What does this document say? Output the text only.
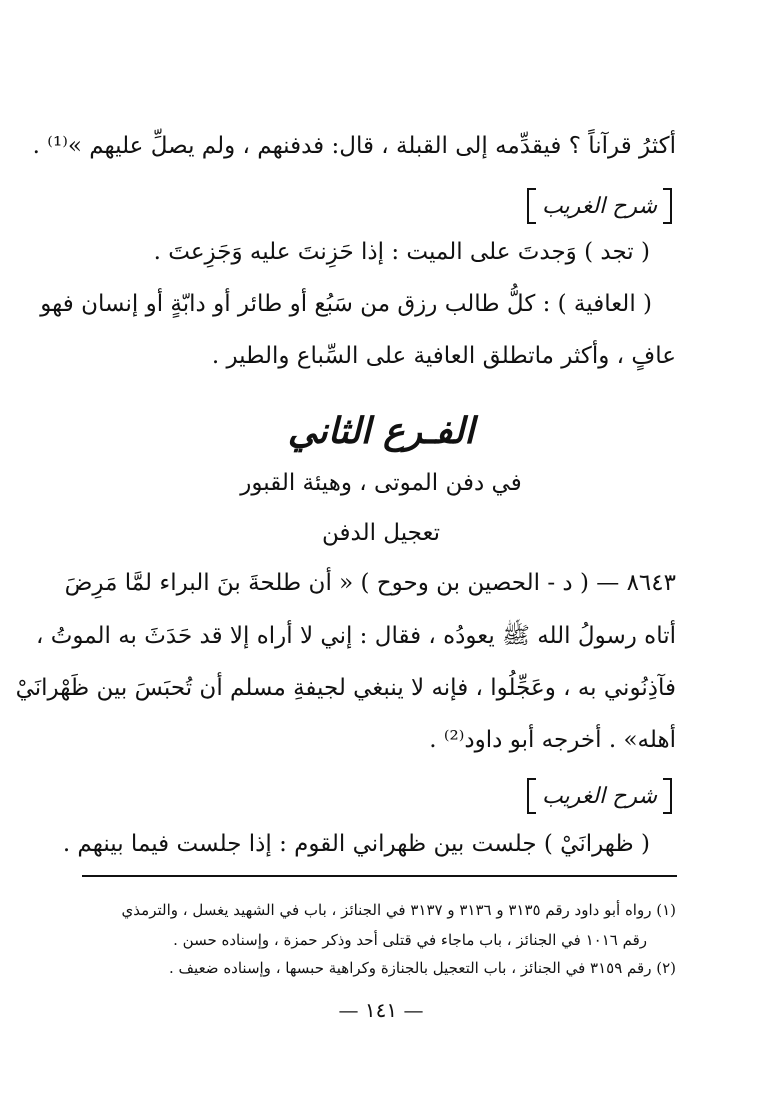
أكثرُ قرآناً ؟ فيقدِّمه إلى القبلة ، قال: فدفنهم ، ولم يصلِّ عليهم »⁽¹⁾ .
شرح الغريب
( تجد ) وَجدتَ على الميت : إذا حَزِنتَ عليه وَجَزِعتَ .
( العافية ) : كلُّ طالب رزق من سَبُع أو طائر أو دابّةٍ أو إنسان فهو
عافٍ ، وأكثر ماتطلق العافية على السِّباع والطير .
الفـرع الثاني
في دفن الموتى ، وهيئة القبور
تعجيل الدفن
٨٦٤٣ — ( د - الحصين بن وحوح ) « أن طلحةَ بنَ البراء لمَّا مَرِضَ
أتاه رسولُ الله ﷺ يعودُه ، فقال : إني لا أراه إلا قد حَدَثَ به الموتُ ،
فآذِنُوني به ، وعَجِّلُوا ، فإنه لا ينبغي لجيفةِ مسلم أن تُحبَسَ بين ظَهْرانَيْ
أهله» . أخرجه أبو داود⁽²⁾ .
شرح الغريب
( ظهرانَيْ ) جلست بين ظهراني القوم : إذا جلست فيما بينهم .
(١) رواه أبو داود رقم ٣١٣٥ و ٣١٣٦ و ٣١٣٧ في الجنائز ، باب في الشهيد يغسل ، والترمذي
رقم ١٠١٦ في الجنائز ، باب ماجاء في قتلى أحد وذكر حمزة ، وإسناده حسن .
(٢) رقم ٣١٥٩ في الجنائز ، باب التعجيل بالجنازة وكراهية حبسها ، وإسناده ضعيف .
— ١٤١ —
